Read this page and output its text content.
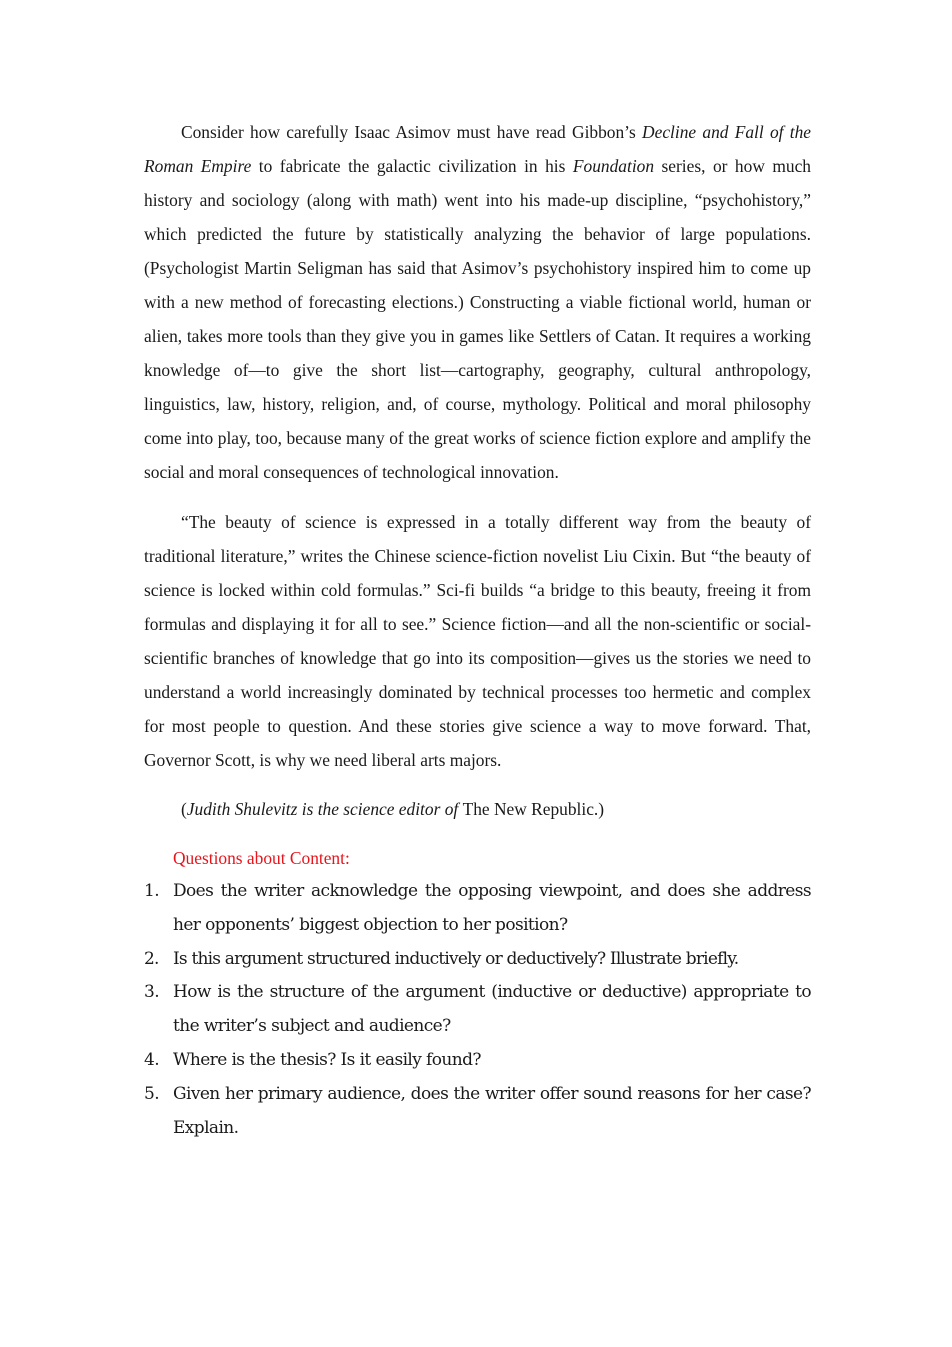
Consider how carefully Isaac Asimov must have read Gibbon’s Decline and Fall of the Roman Empire to fabricate the galactic civilization in his Foundation series, or how much history and sociology (along with math) went into his made-up discipline, “psychohistory,” which predicted the future by statistically analyzing the behavior of large populations. (Psychologist Martin Seligman has said that Asimov’s psychohistory inspired him to come up with a new method of forecasting elections.) Constructing a viable fictional world, human or alien, takes more tools than they give you in games like Settlers of Catan. It requires a working knowledge of—to give the short list—cartography, geography, cultural anthropology, linguistics, law, history, religion, and, of course, mythology. Political and moral philosophy come into play, too, because many of the great works of science fiction explore and amplify the social and moral consequences of technological innovation.

“The beauty of science is expressed in a totally different way from the beauty of traditional literature,” writes the Chinese science-fiction novelist Liu Cixin. But “the beauty of science is locked within cold formulas.” Sci-fi builds “a bridge to this beauty, freeing it from formulas and displaying it for all to see.” Science fiction—and all the non-scientific or social-scientific branches of knowledge that go into its composition—gives us the stories we need to understand a world increasingly dominated by technical processes too hermetic and complex for most people to question. And these stories give science a way to move forward. That, Governor Scott, is why we need liberal arts majors.

(Judith Shulevitz is the science editor of The New Republic.)

Questions about Content:
1. Does the writer acknowledge the opposing viewpoint, and does she address her opponents’ biggest objection to her position?
2. Is this argument structured inductively or deductively? Illustrate briefly.
3. How is the structure of the argument (inductive or deductive) appropriate to the writer’s subject and audience?
4. Where is the thesis? Is it easily found?
5. Given her primary audience, does the writer offer sound reasons for her case? Explain.
